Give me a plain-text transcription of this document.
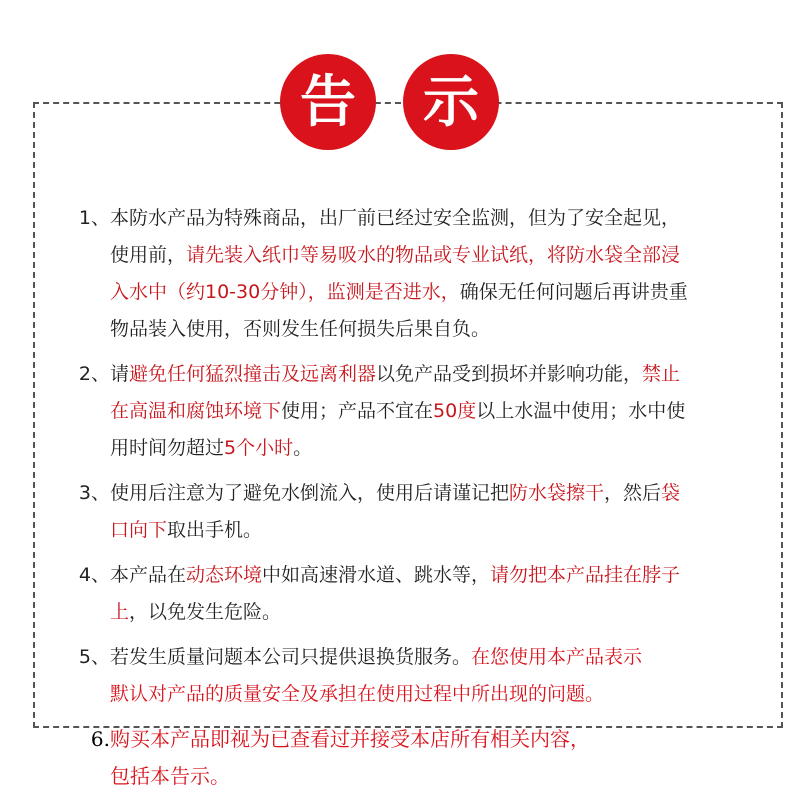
告 示
1、 本防水产品为特殊商品，出厂前已经过安全监测，但为了安全起见，
使用前，请先装入纸巾等易吸水的物品或专业试纸，将防水袋全部浸
入水中（约10-30分钟），监测是否进水，确保无任何问题后再讲贵重
物品装入使用，否则发生任何损失后果自负。
2、 请避免任何猛烈撞击及远离利器以免产品受到损坏并影响功能，禁止
在高温和腐蚀环境下使用；产品不宜在50度以上水温中使用；水中使
用时间勿超过5个小时。
3、 使用后注意为了避免水倒流入，使用后请谨记把防水袋擦干，然后袋
口向下取出手机。
4、 本产品在动态环境中如高速滑水道、跳水等，请勿把本产品挂在脖子
上，以免发生危险。
5、 若发生质量问题本公司只提供退换货服务。在您使用本产品表示
默认对产品的质量安全及承担在使用过程中所出现的问题。
6. 购买本产品即视为已查看过并接受本店所有相关内容，
包括本告示。
